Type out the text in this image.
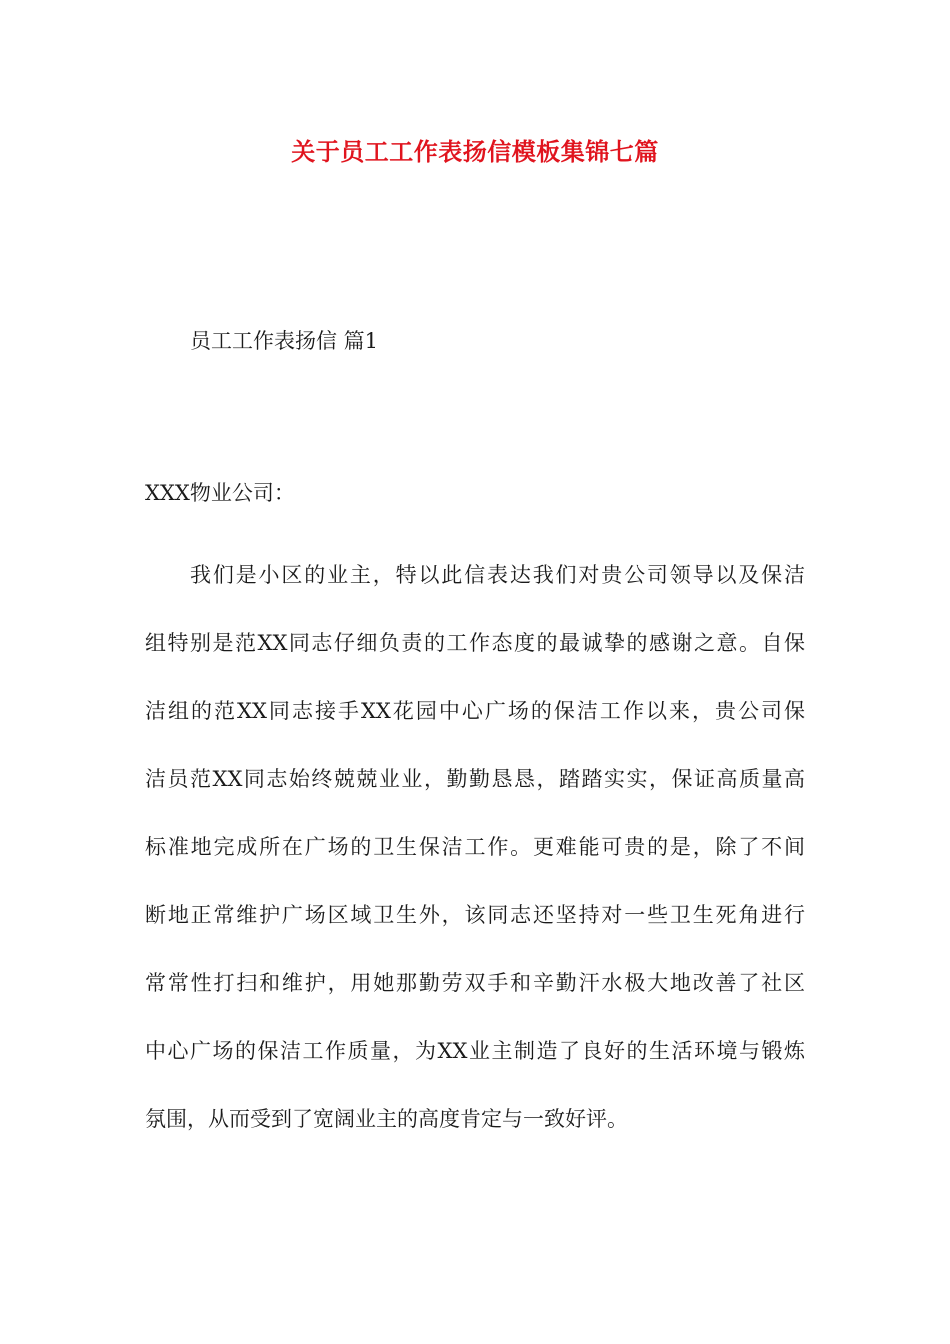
关于员工工作表扬信模板集锦七篇
员工工作表扬信 篇1
XXX物业公司：
我们是小区的业主，特以此信表达我们对贵公司领导以及保洁
组特别是范XX同志仔细负责的工作态度的最诚挚的感谢之意。自保
洁组的范XX同志接手XX花园中心广场的保洁工作以来，贵公司保
洁员范XX同志始终兢兢业业，勤勤恳恳，踏踏实实，保证高质量高
标准地完成所在广场的卫生保洁工作。更难能可贵的是，除了不间
断地正常维护广场区域卫生外，该同志还坚持对一些卫生死角进行
常常性打扫和维护，用她那勤劳双手和辛勤汗水极大地改善了社区
中心广场的保洁工作质量，为XX业主制造了良好的生活环境与锻炼
氛围，从而受到了宽阔业主的高度肯定与一致好评。
